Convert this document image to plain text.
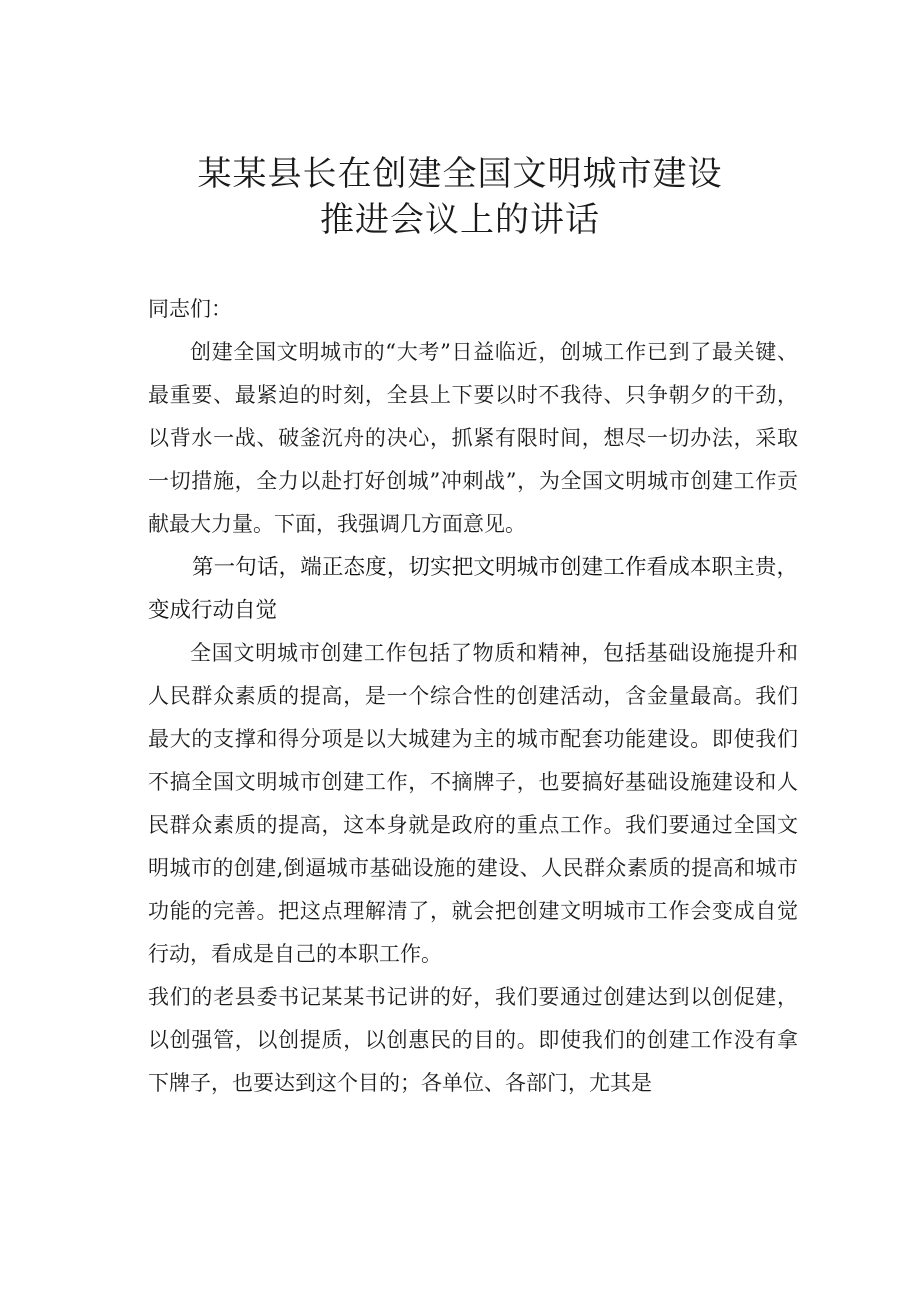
某某县长在创建全国文明城市建设
推进会议上的讲话
同志们：

创建全国文明城市的“大考”日益临近，创城工作已到了最关键、最重要、最紧迫的时刻，全县上下要以时不我待、只争朝夕的干劲，以背水一战、破釜沉舟的决心，抓紧有限时间，想尽一切办法，采取一切措施，全力以赴打好创城”冲刺战”，为全国文明城市创建工作贡献最大力量。下面，我强调几方面意见。

第一句话，端正态度，切实把文明城市创建工作看成本职主贵，变成行动自觉

全国文明城市创建工作包括了物质和精神，包括基础设施提升和人民群众素质的提高，是一个综合性的创建活动，含金量最高。我们最大的支撑和得分项是以大城建为主的城市配套功能建设。即使我们不搞全国文明城市创建工作，不摘牌子，也要搞好基础设施建设和人民群众素质的提高，这本身就是政府的重点工作。我们要通过全国文明城市的创建,倒逼城市基础设施的建设、人民群众素质的提高和城市功能的完善。把这点理解清了，就会把创建文明城市工作会变成自觉行动，看成是自己的本职工作。

我们的老县委书记某某书记讲的好，我们要通过创建达到以创促建，以创强管，以创提质，以创惠民的目的。即使我们的创建工作没有拿下牌子，也要达到这个目的；各单位、各部门，尤其是
